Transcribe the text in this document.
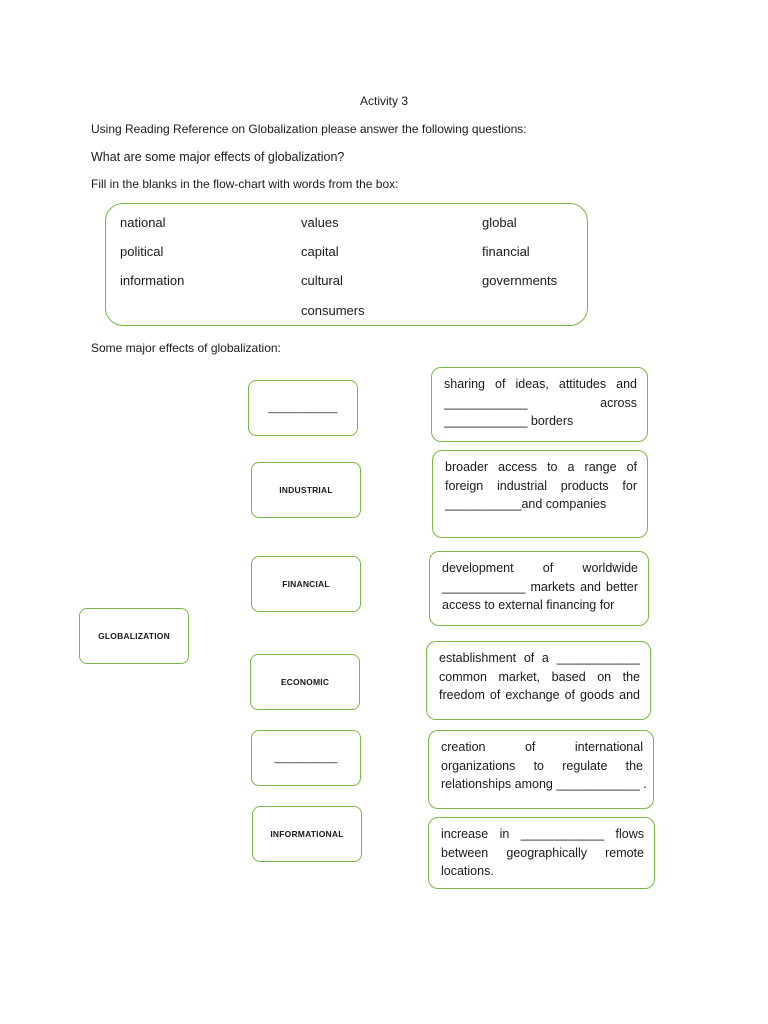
Activity 3
Using Reading Reference on Globalization please answer the following questions:
What are some major effects of globalization?
Fill in the blanks in the flow-chart with words from the box:
national	values	global
political	capital	financial
information	cultural	governments
consumers
Some major effects of globalization:
GLOBALIZATION
___________
INDUSTRIAL
FINANCIAL
ECONOMIC
__________
INFORMATIONAL
sharing of ideas, attitudes and
____________ across
____________ borders
broader access to a range of
foreign industrial products for
___________and companies
development of worldwide
____________ markets and better
access to external financing for
establishment of a ____________
common market, based on the
freedom of exchange of goods and
creation of international
organizations to regulate the
relationships among ____________ .
increase in ____________ flows
between geographically remote
locations.
